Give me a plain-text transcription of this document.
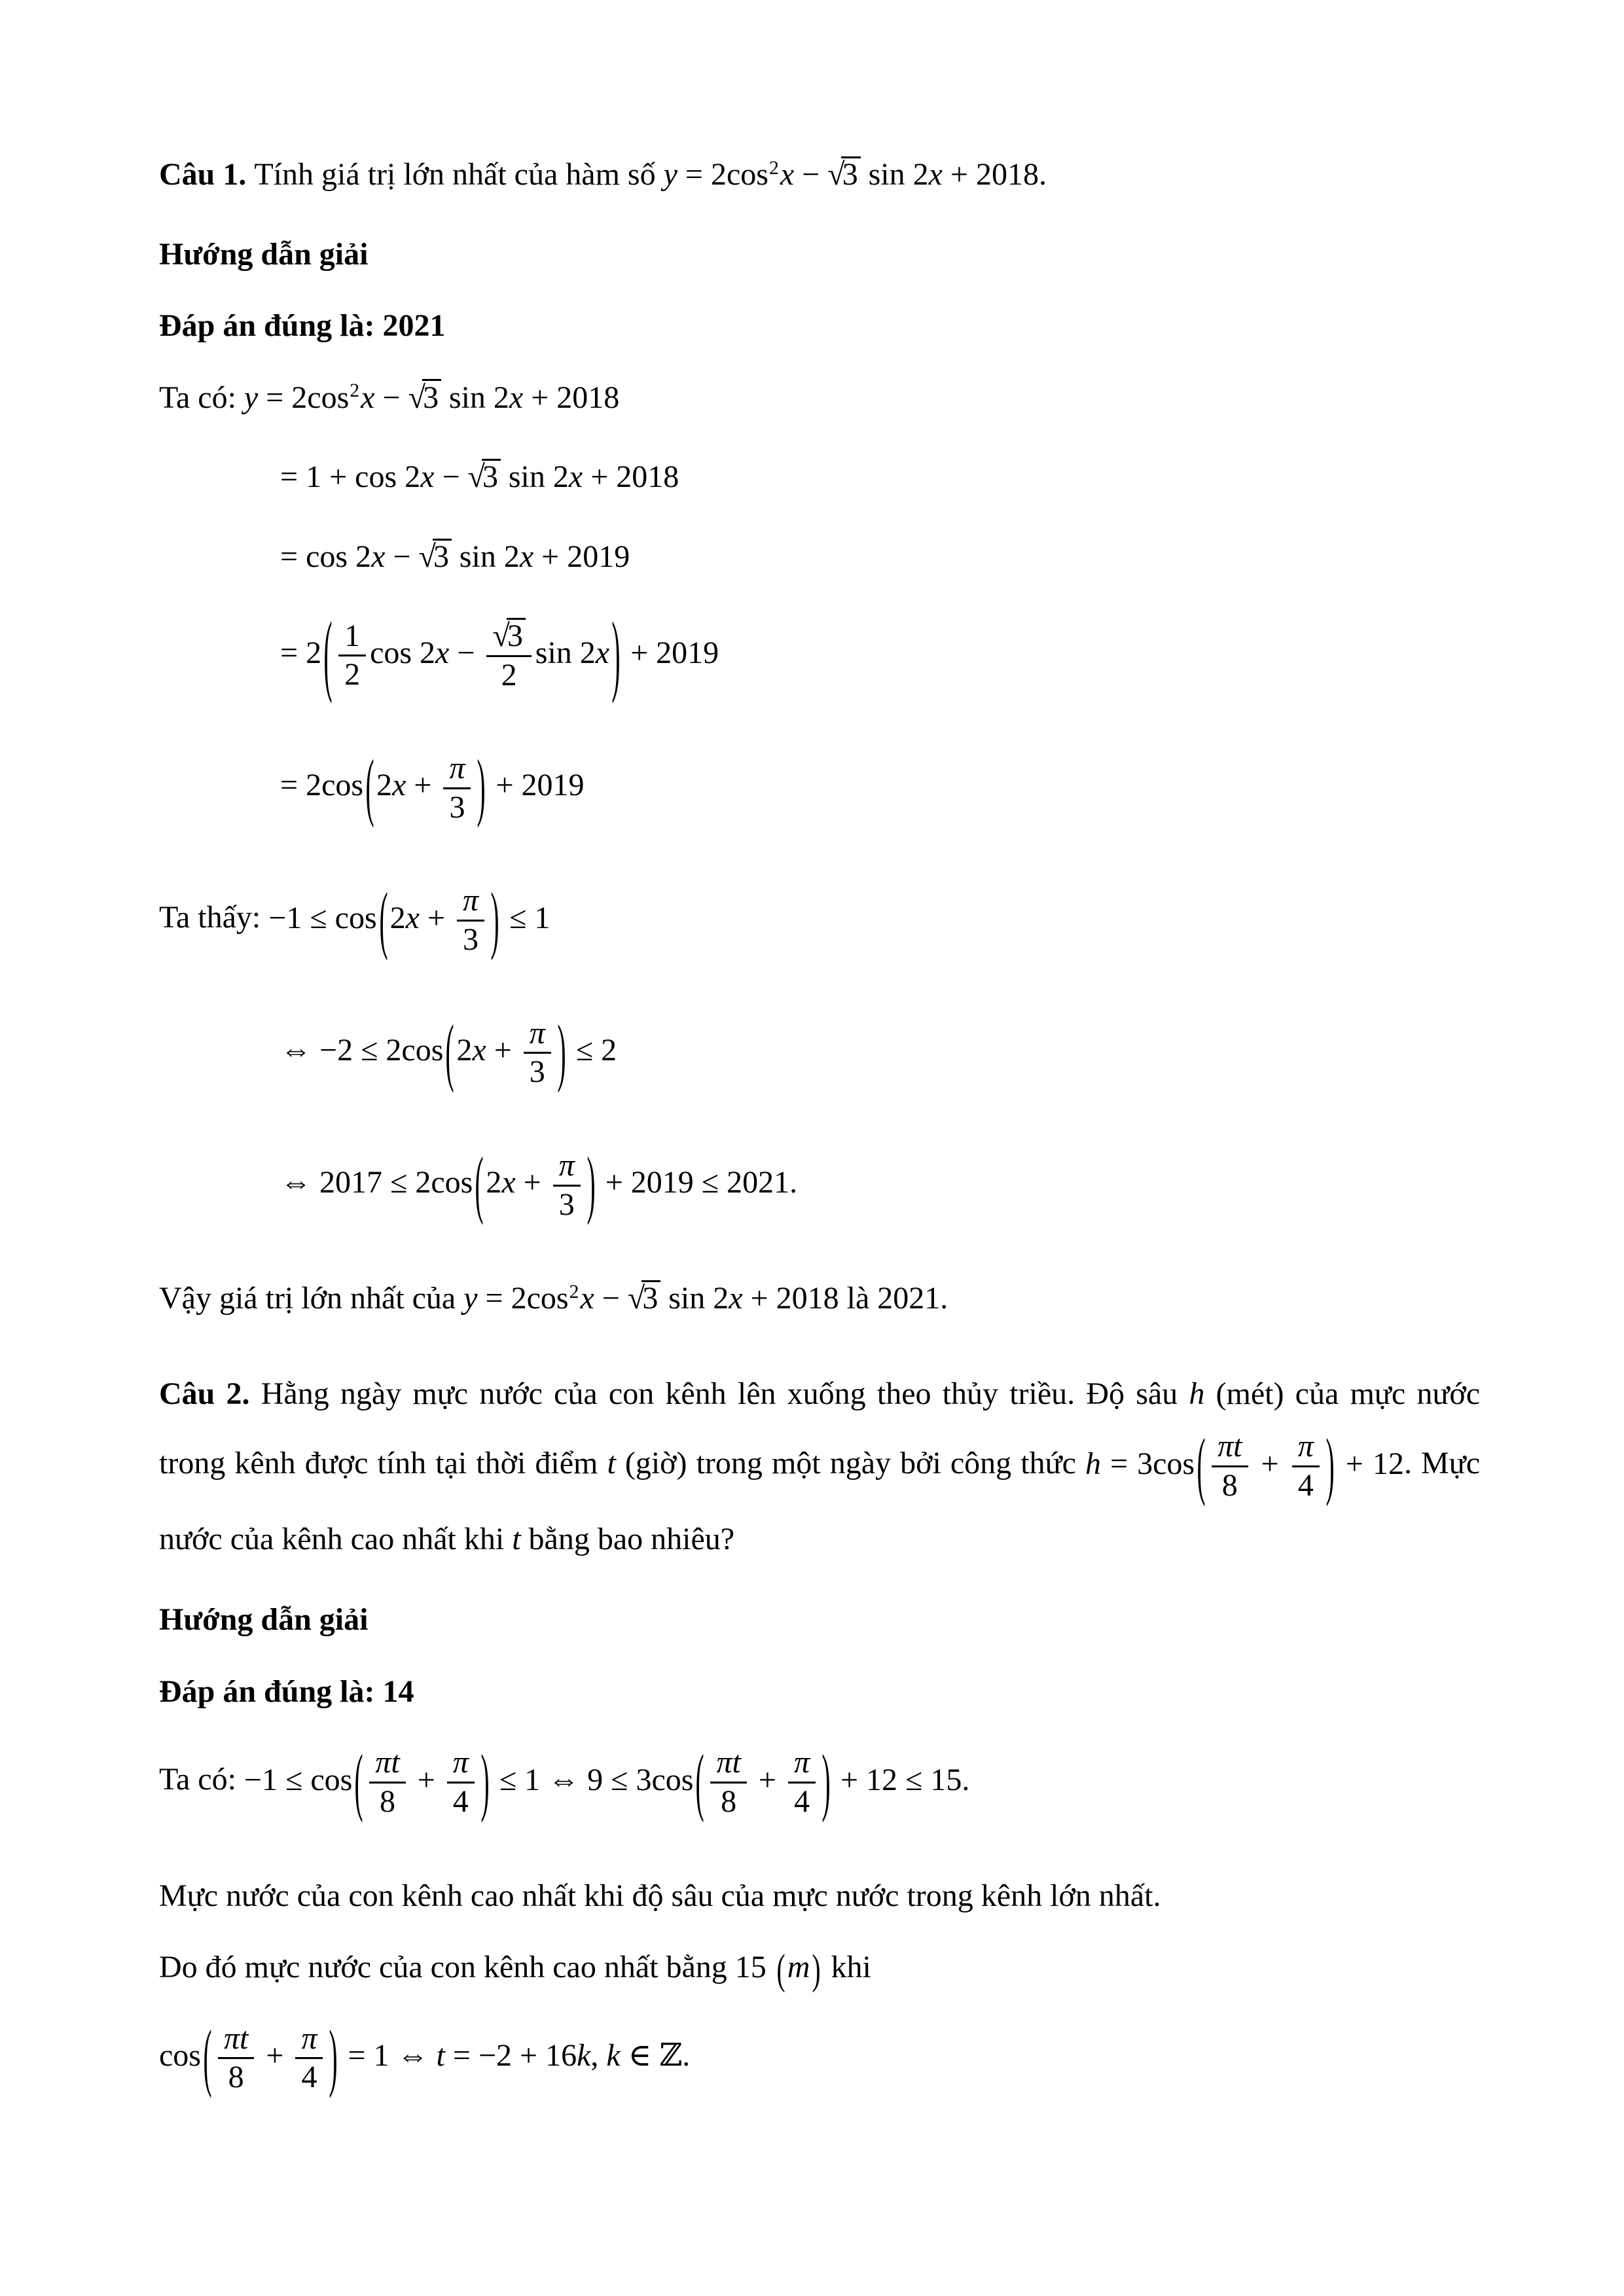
Câu 1. Tính giá trị lớn nhất của hàm số $y = 2\cos^2x - √3$ sin 2x + 2018.
Hướng dẫn giải
Đáp án đúng là: 2021
Ta có: $y = 2\cos^2x - √3$ sin 2x + 2018
= 1 + cos 2x − √3 sin 2x + 2018
= cos 2x − √3 sin 2x + 2019
= $2( \frac{1}{2}$ $\cos 2x - \frac{√3}{2}$ sin 2x) + 2019
= $2\cos(2x + \frac{\pi}{3}$ ) + 2019
Ta thấy: $-1 \le \cos(2x + \frac{\pi}{3}$ ) ≤ 1
⇔ $-2 \le 2\cos(2x + \frac{\pi}{3}$ ) ≤ 2
⇔ $2017 \le 2\cos(2x + \frac{\pi}{3}$ ) + 2019 ≤ 2021.
Vậy giá trị lớn nhất của $y = 2\cos^2x - √3$ sin 2x + 2018 là 2021.
Câu 2. Hằng ngày mực nước của con kênh lên xuống theo thủy triều. Độ sâu h (mét) của mực nước trong kênh được tính tại thời điểm t (giờ) trong một ngày bởi công thức $h = 3\cos( \frac{\pi t}{8} + \frac{\pi}{4}$ ) + 12. Mực nước của kênh cao nhất khi t bằng bao nhiêu?
Hướng dẫn giải
Đáp án đúng là: 14
Ta có: $-1 \le \cos( \frac{\pi t}{8} + \frac{\pi}{4}$ ) ≤ 1 ⇔ $9 \le 3\cos( \frac{\pi t}{8} + \frac{\pi}{4}$ ) + 12 ≤ 15.
Mực nước của con kênh cao nhất khi độ sâu của mực nước trong kênh lớn nhất.
Do đó mực nước của con kênh cao nhất bằng 15 (m) khi
$\cos( \frac{\pi t}{8} + \frac{\pi}{4}$ ) = 1 ⇔ t = −2 + 16k, k ∈ ℤ.
